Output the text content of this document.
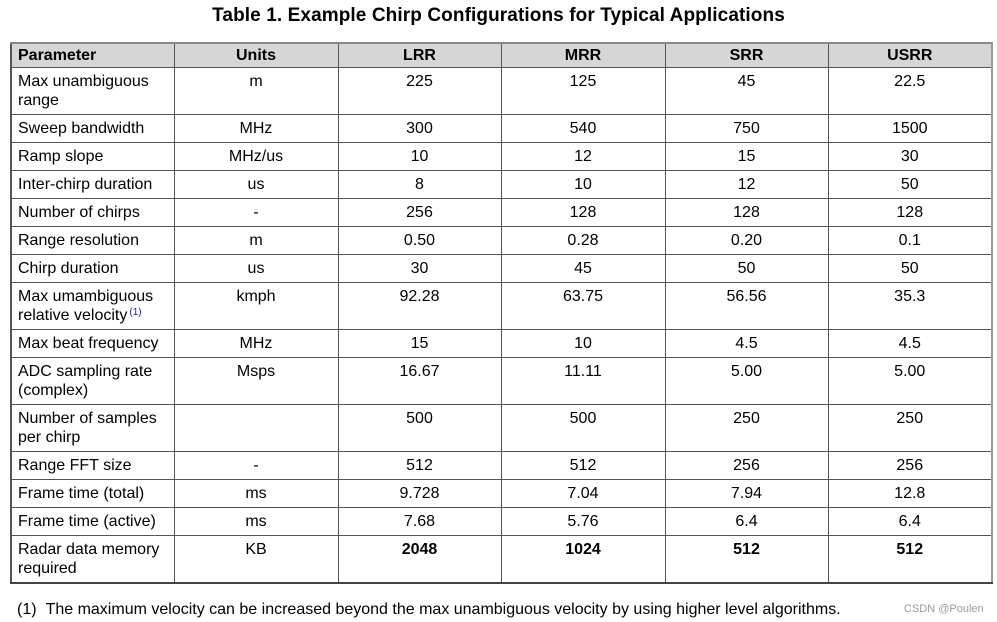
Table 1. Example Chirp Configurations for Typical Applications
Parameter	Units	LRR	MRR	SRR	USRR
Max unambiguous range	m	225	125	45	22.5
Sweep bandwidth	MHz	300	540	750	1500
Ramp slope	MHz/us	10	12	15	30
Inter-chirp duration	us	8	10	12	50
Number of chirps	-	256	128	128	128
Range resolution	m	0.50	0.28	0.20	0.1
Chirp duration	us	30	45	50	50
Max umambiguous relative velocity $^{(1)}$	kmph	92.28	63.75	56.56	35.3
Max beat frequency	MHz	15	10	4.5	4.5
ADC sampling rate (complex)	Msps	16.67	11.11	5.00	5.00
Number of samples per chirp		500	500	250	250
Range FFT size	-	512	512	256	256
Frame time (total)	ms	9.728	7.04	7.94	12.8
Frame time (active)	ms	7.68	5.76	6.4	6.4
Radar data memory required	KB	2048	1024	512	512
(1) The maximum velocity can be increased beyond the max unambiguous velocity by using higher level algorithms.	CSDN @Poulen
